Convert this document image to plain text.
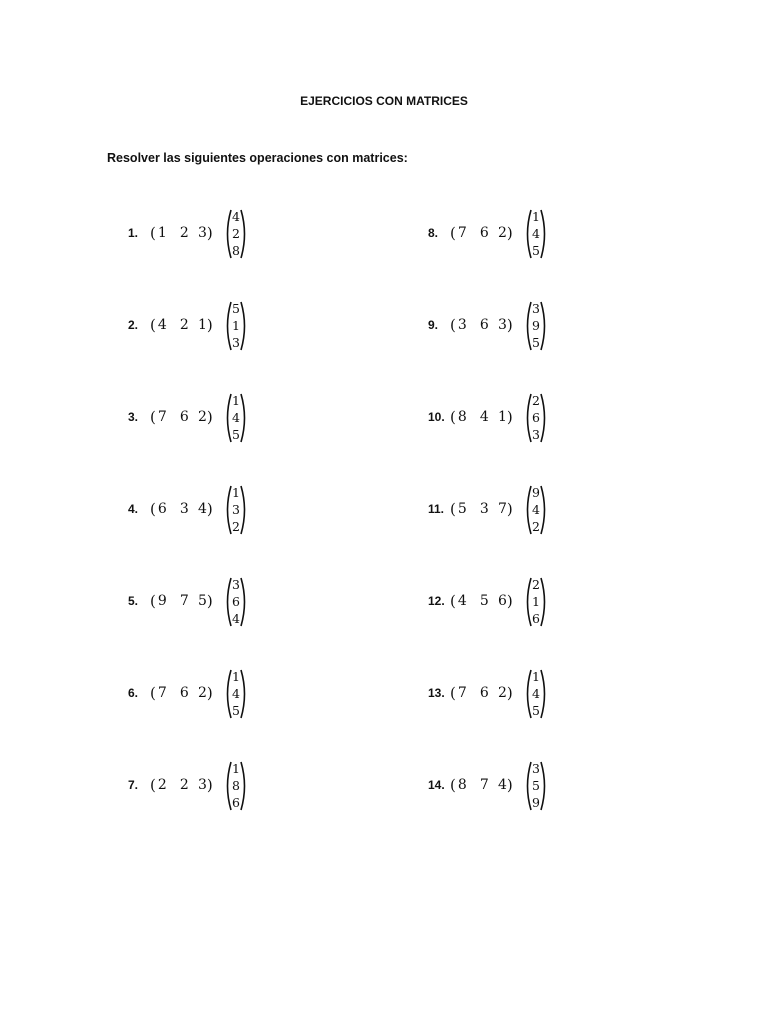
EJERCICIOS CON MATRICES
Resolver las siguientes operaciones con matrices:
1. ( 1 2 3 )
4
2
8
2. ( 4 2 1 )
5
1
3
3. ( 7 6 2 )
1
4
5
4. ( 6 3 4 )
1
3
2
5. ( 9 7 5 )
3
6
4
6. ( 7 6 2 )
1
4
5
7. ( 2 2 3 )
1
8
6
8. ( 7 6 2 )
1
4
5
9. ( 3 6 3 )
3
9
5
10. ( 8 4 1 )
2
6
3
11. ( 5 3 7 )
9
4
2
12. ( 4 5 6 )
2
1
6
13. ( 7 6 2 )
1
4
5
14. ( 8 7 4 )
3
5
9
